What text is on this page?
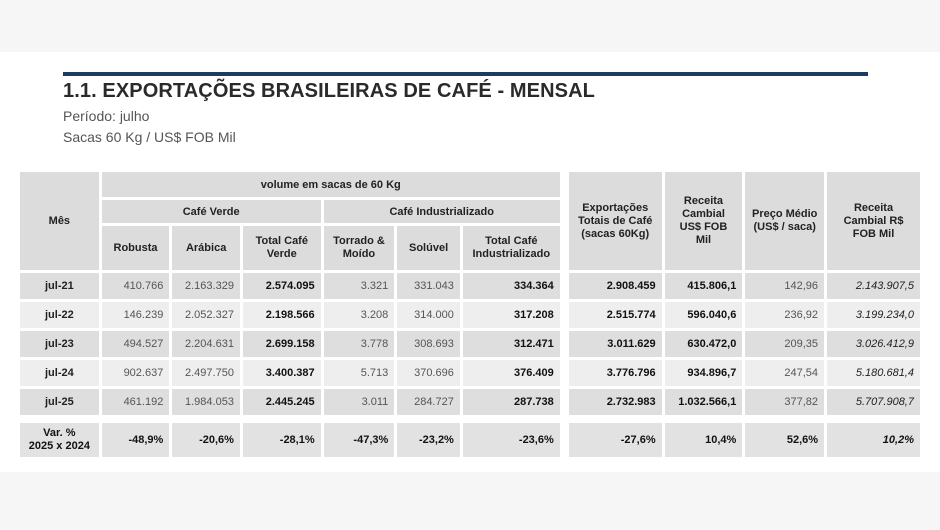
1.1. EXPORTAÇÕES BRASILEIRAS DE CAFÉ - MENSAL
Período: julho
Sacas 60 Kg / US$ FOB Mil
Mês	volume em sacas de 60 Kg							Exportações Totais de Café (sacas 60Kg)	Receita Cambial US$ FOB Mil	Preço Médio (US$ / saca)	Receita Cambial R$ FOB Mil
	Café Verde			Café Industrializado							
	Robusta	Arábica	Total Café Verde	Torrado & Moído	Solúvel	Total Café Industrializado					
jul-21	410.766	2.163.329	2.574.095	3.321	331.043	334.364		2.908.459	415.806,1	142,96	2.143.907,5
jul-22	146.239	2.052.327	2.198.566	3.208	314.000	317.208		2.515.774	596.040,6	236,92	3.199.234,0
jul-23	494.527	2.204.631	2.699.158	3.778	308.693	312.471		3.011.629	630.472,0	209,35	3.026.412,9
jul-24	902.637	2.497.750	3.400.387	5.713	370.696	376.409		3.776.796	934.896,7	247,54	5.180.681,4
jul-25	461.192	1.984.053	2.445.245	3.011	284.727	287.738		2.732.983	1.032.566,1	377,82	5.707.908,7

Var. %
2025 x 2024	-48,9%	-20,6%	-28,1%	-47,3%	-23,2%	-23,6%		-27,6%	10,4%	52,6%	10,2%
